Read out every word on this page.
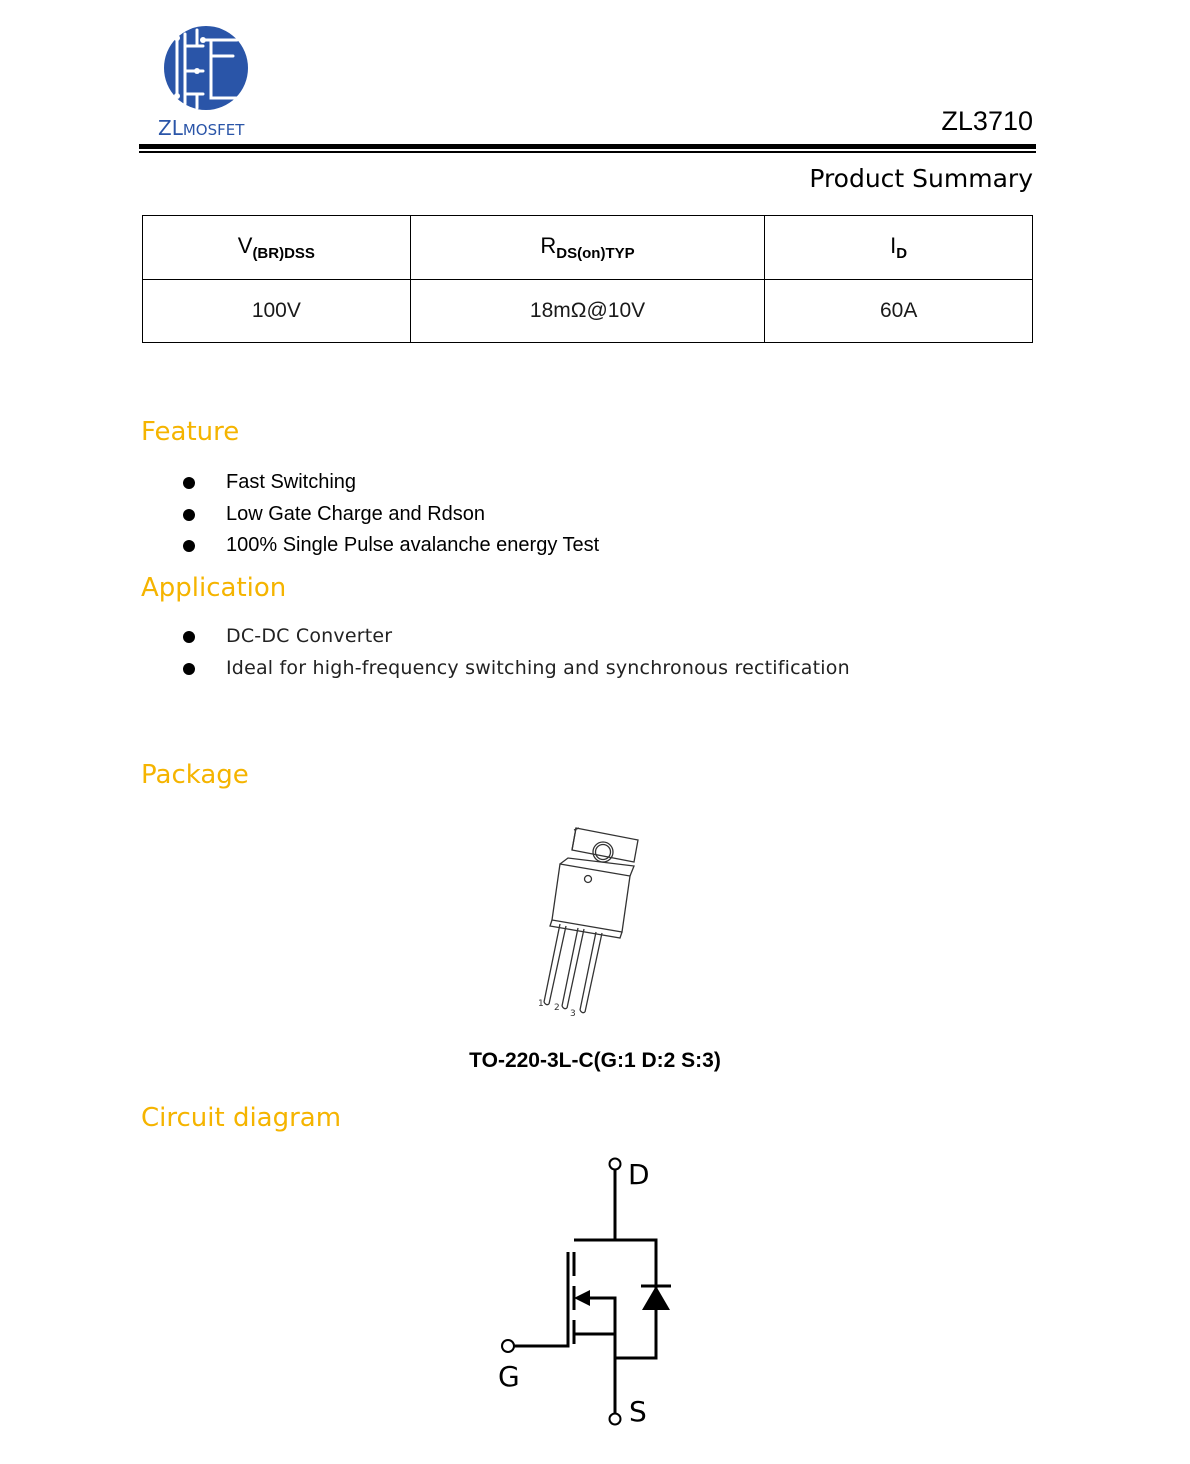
ZLMOSFET	ZL3710
Product Summary
$V_{(BR)DSS}$	$R_{DS(on)TYP}$	$I_D$
100V	18mΩ@10V	60A
Feature
Fast Switching
Low Gate Charge and Rdson
100% Single Pulse avalanche energy Test
Application
DC-DC Converter
Ideal for high-frequency switching and synchronous rectification
Package
1 2
3
TO-220-3L-C(G:1 D:2 S:3)
Circuit diagram
D
G
S
